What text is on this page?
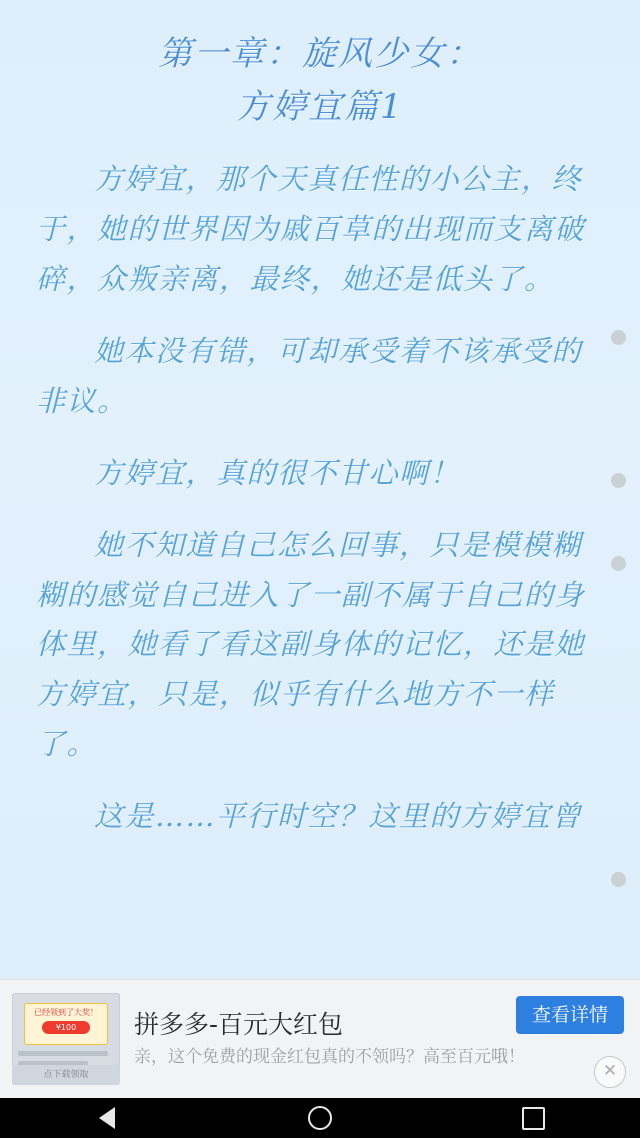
第一章：旋风少女：
方婷宜篇1

方婷宜，那个天真任性的小公主，终于，她的世界因为戚百草的出现而支离破碎，众叛亲离，最终，她还是低头了。

她本没有错，可却承受着不该承受的非议。

方婷宜，真的很不甘心啊！

她不知道自己怎么回事，只是模模糊糊的感觉自己进入了一副不属于自己的身体里，她看了看这副身体的记忆，还是她方婷宜，只是，似乎有什么地方不一样了。

这是……平行时空？这里的方婷宜曾

已经领到了大奖！
¥100
点下载领取

拼多多-百元大红包

亲，这个免费的现金红包真的不领吗？高至百元哦！

查看详情
✕
